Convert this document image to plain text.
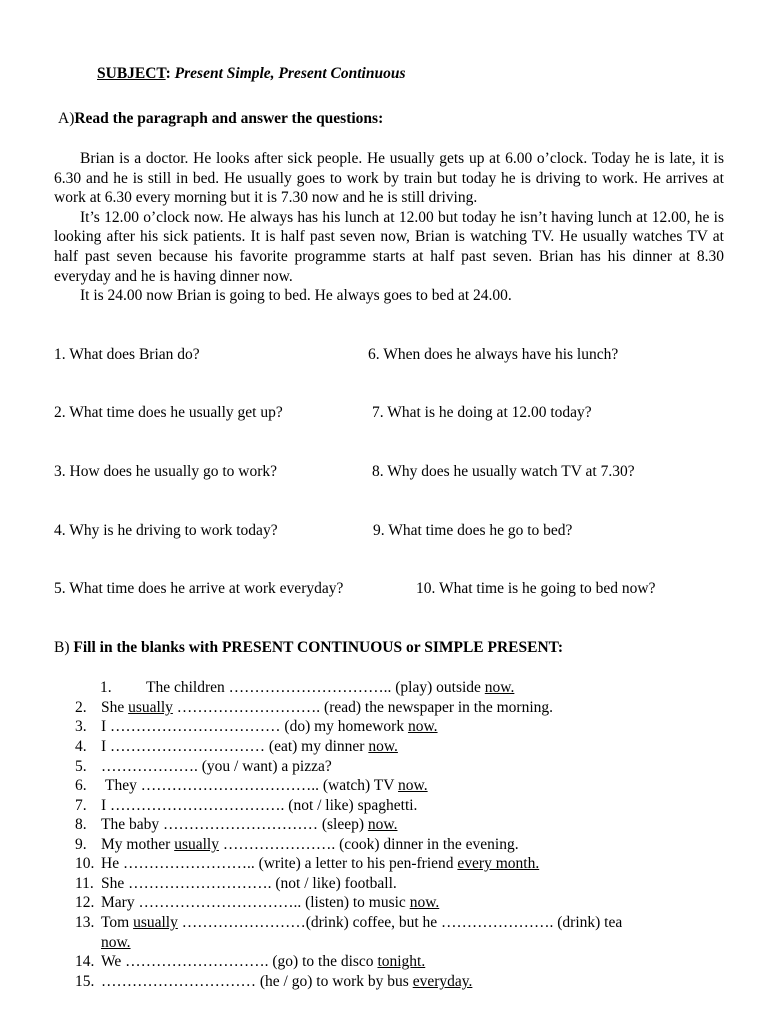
SUBJECT: Present Simple, Present Continuous
A)Read the paragraph and answer the questions:

Brian is a doctor. He looks after sick people. He usually gets up at 6.00 o’clock. Today he is late, it is 6.30 and he is still in bed. He usually goes to work by train but today he is driving to work. He arrives at work at 6.30 every morning but it is 7.30 now and he is still driving.

It’s 12.00 o’clock now. He always has his lunch at 12.00 but today he isn’t having lunch at 12.00, he is looking after his sick patients. It is half past seven now, Brian is watching TV. He usually watches TV at half past seven because his favorite programme starts at half past seven. Brian has his dinner at 8.30 everyday and he is having dinner now.

It is 24.00 now Brian is going to bed. He always goes to bed at 24.00.

1. What does Brian do?	6. When does he always have his lunch?
2. What time does he usually get up?	7. What is he doing at 12.00 today?
3. How does he usually go to work?	8. Why does he usually watch TV at 7.30?
4. Why is he driving to work today?	9. What time does he go to bed?
5. What time does he arrive at work everyday?	10. What time is he going to bed now?
B) Fill in the blanks with PRESENT CONTINUOUS or SIMPLE PRESENT:
1. The children ………………………….. (play) outside now.
2. She usually ………………………. (read) the newspaper in the morning.
3. I …………………………… (do) my homework now.
4. I ………………………… (eat) my dinner now.
5. ………………. (you / want) a pizza?
6. They …………………………….. (watch) TV now.
7. I ……………………………. (not / like) spaghetti.
8. The baby ………………………… (sleep) now.
9. My mother usually …………………. (cook) dinner in the evening.
10. He …………………….. (write) a letter to his pen-friend every month.
11. She ………………………. (not / like) football.
12. Mary ………………………….. (listen) to music now.
13. Tom usually ……………………(drink) coffee, but he …………………. (drink) tea
now.
14. We ………………………. (go) to the disco tonight.
15. ………………………… (he / go) to work by bus everyday.
